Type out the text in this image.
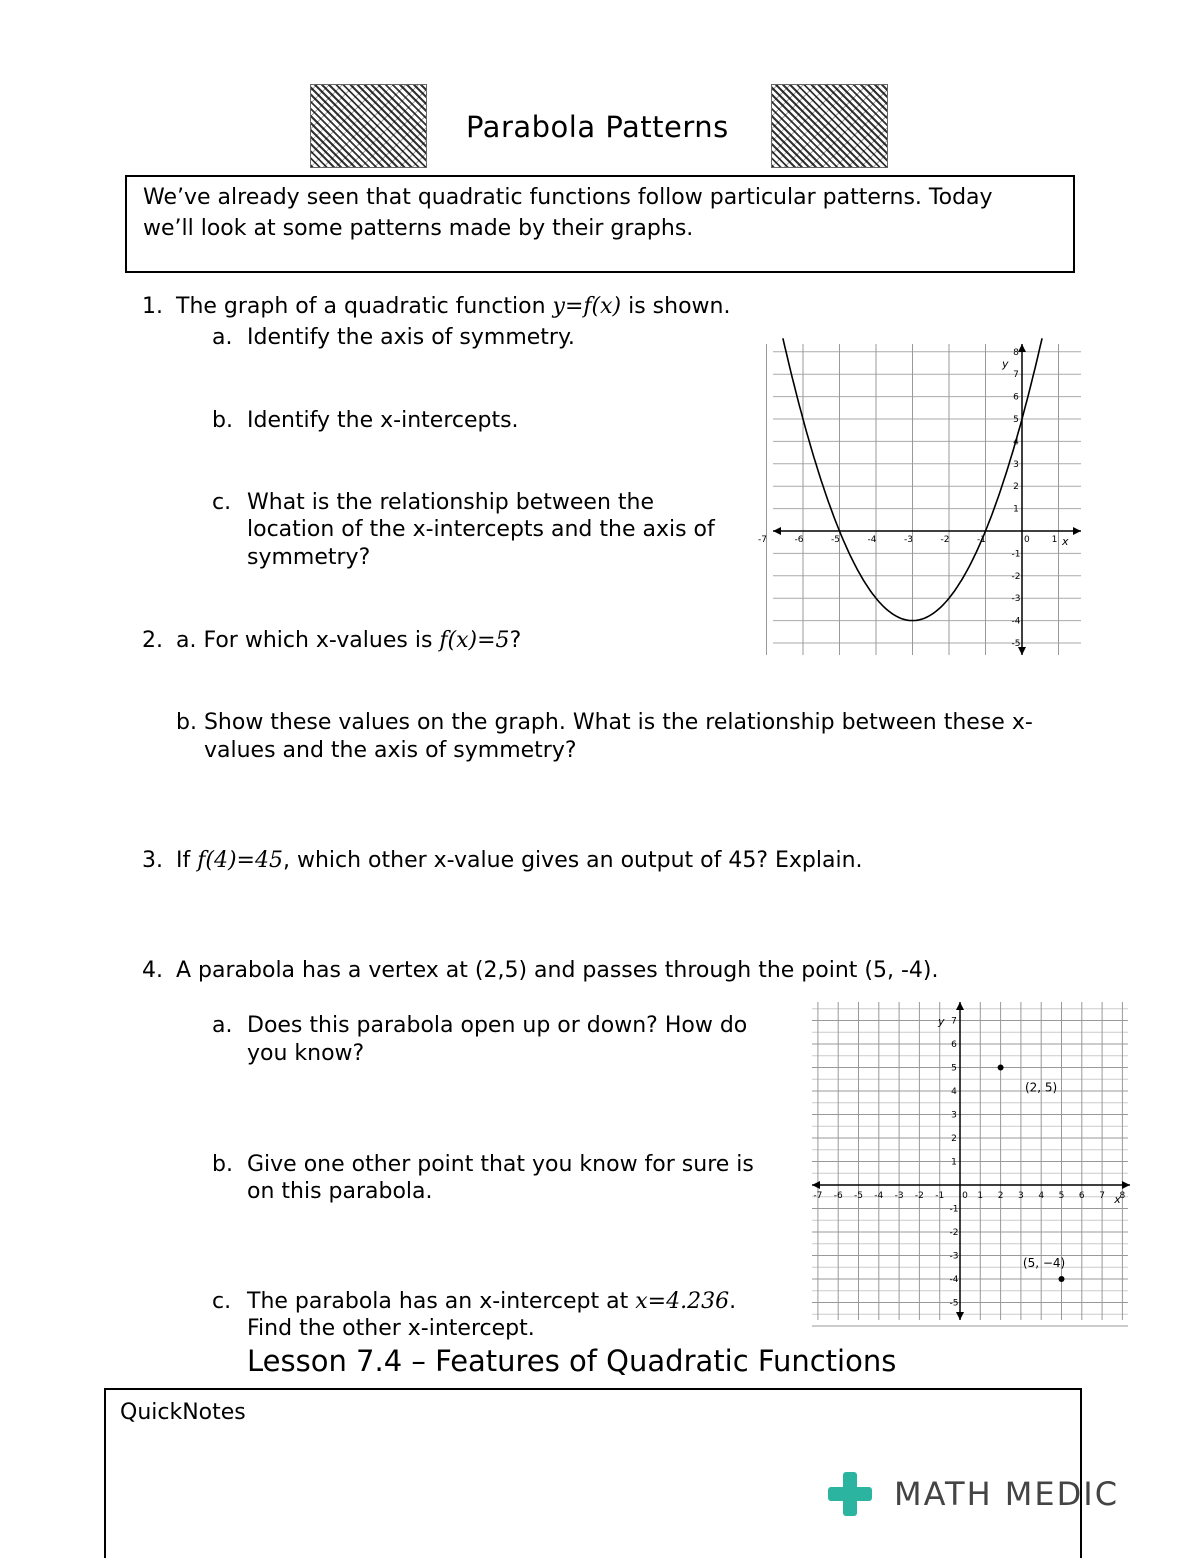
Parabola Patterns
We’ve already seen that quadratic functions follow particular patterns. Today
we’ll look at some patterns made by their graphs.
1. The graph of a quadratic function y=f(x) is shown.
a. Identify the axis of symmetry.
b. Identify the x-intercepts.
c. What is the relationship between the
location of the x-intercepts and the axis of
symmetry?
2. a. For which x-values is f(x)=5?
b. Show these values on the graph. What is the relationship between these x-
values and the axis of symmetry?
3. If f(4)=45, which other x-value gives an output of 45? Explain.
4. A parabola has a vertex at (2,5) and passes through the point (5, -4).
a. Does this parabola open up or down? How do
you know?
b. Give one other point that you know for sure is
on this parabola.
c. The parabola has an x-intercept at x=4.236.
Find the other x-intercept.
Lesson 7.4 – Features of Quadratic Functions
QuickNotes
MATH MEDIC
-7	-6	-5	-4	-3	-2	-1	0 1
8
7
6
5
4
3
2
1
-1
-2
-3
-4
-5
y
x
-7 -6 -5 -4 -3 -2 -1 0 1 2 3 4 5 6 7 8
7
6
5
4
3
2
1
-1
-2
-3
-4
-5
y
x
(2, 5)
(5, −4)
